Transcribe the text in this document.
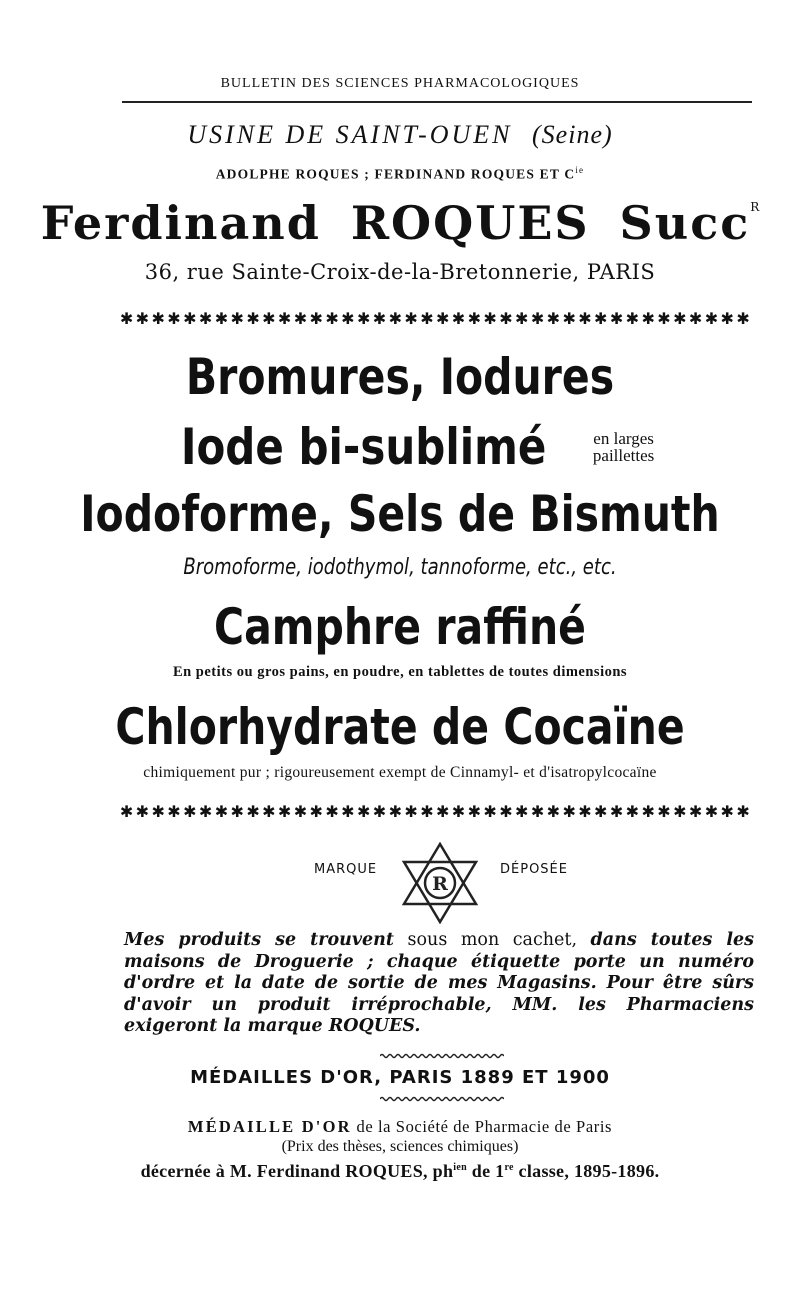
BULLETIN DES SCIENCES PHARMACOLOGIQUES
USINE DE SAINT-OUEN (Seine)
ADOLPHE ROQUES ; FERDINAND ROQUES ET $C^{ie}$
Ferdinand ROQUES Succ$^R$
36, rue Sainte-Croix-de-la-Bretonnerie, PARIS
✱✱✱✱✱✱✱✱✱✱✱✱✱✱✱✱✱✱✱✱✱✱✱✱✱✱✱✱✱✱✱✱✱✱✱✱✱✱✱✱
Bromures, Iodures
Iode bi-sublimé	en larges
paillettes
Iodoforme, Sels de Bismuth
Bromoforme, iodothymol, tannoforme, etc., etc.
Camphre raffiné
En petits ou gros pains, en poudre, en tablettes de toutes dimensions
Chlorhydrate de Cocaïne
chimiquement pur ; rigoureusement exempt de Cinnamyl- et d'isatropylcocaïne
✱✱✱✱✱✱✱✱✱✱✱✱✱✱✱✱✱✱✱✱✱✱✱✱✱✱✱✱✱✱✱✱✱✱✱✱✱✱✱✱
MARQUE
R
DÉPOSÉE
Mes produits se trouvent sous mon cachet, dans toutes les maisons de Droguerie ; chaque étiquette porte un numéro d'ordre et la date de sortie de mes Magasins. Pour être sûrs d'avoir un produit irréprochable, MM. les Pharmaciens exigeront la marque ROQUES.
MÉDAILLES D'OR, PARIS 1889 ET 1900
MÉDAILLE D'OR de la Société de Pharmacie de Paris
(Prix des thèses, sciences chimiques)
décernée à M. Ferdinand ROQUES, $ph^{ien}$ de 1re classe, 1895-1896.
